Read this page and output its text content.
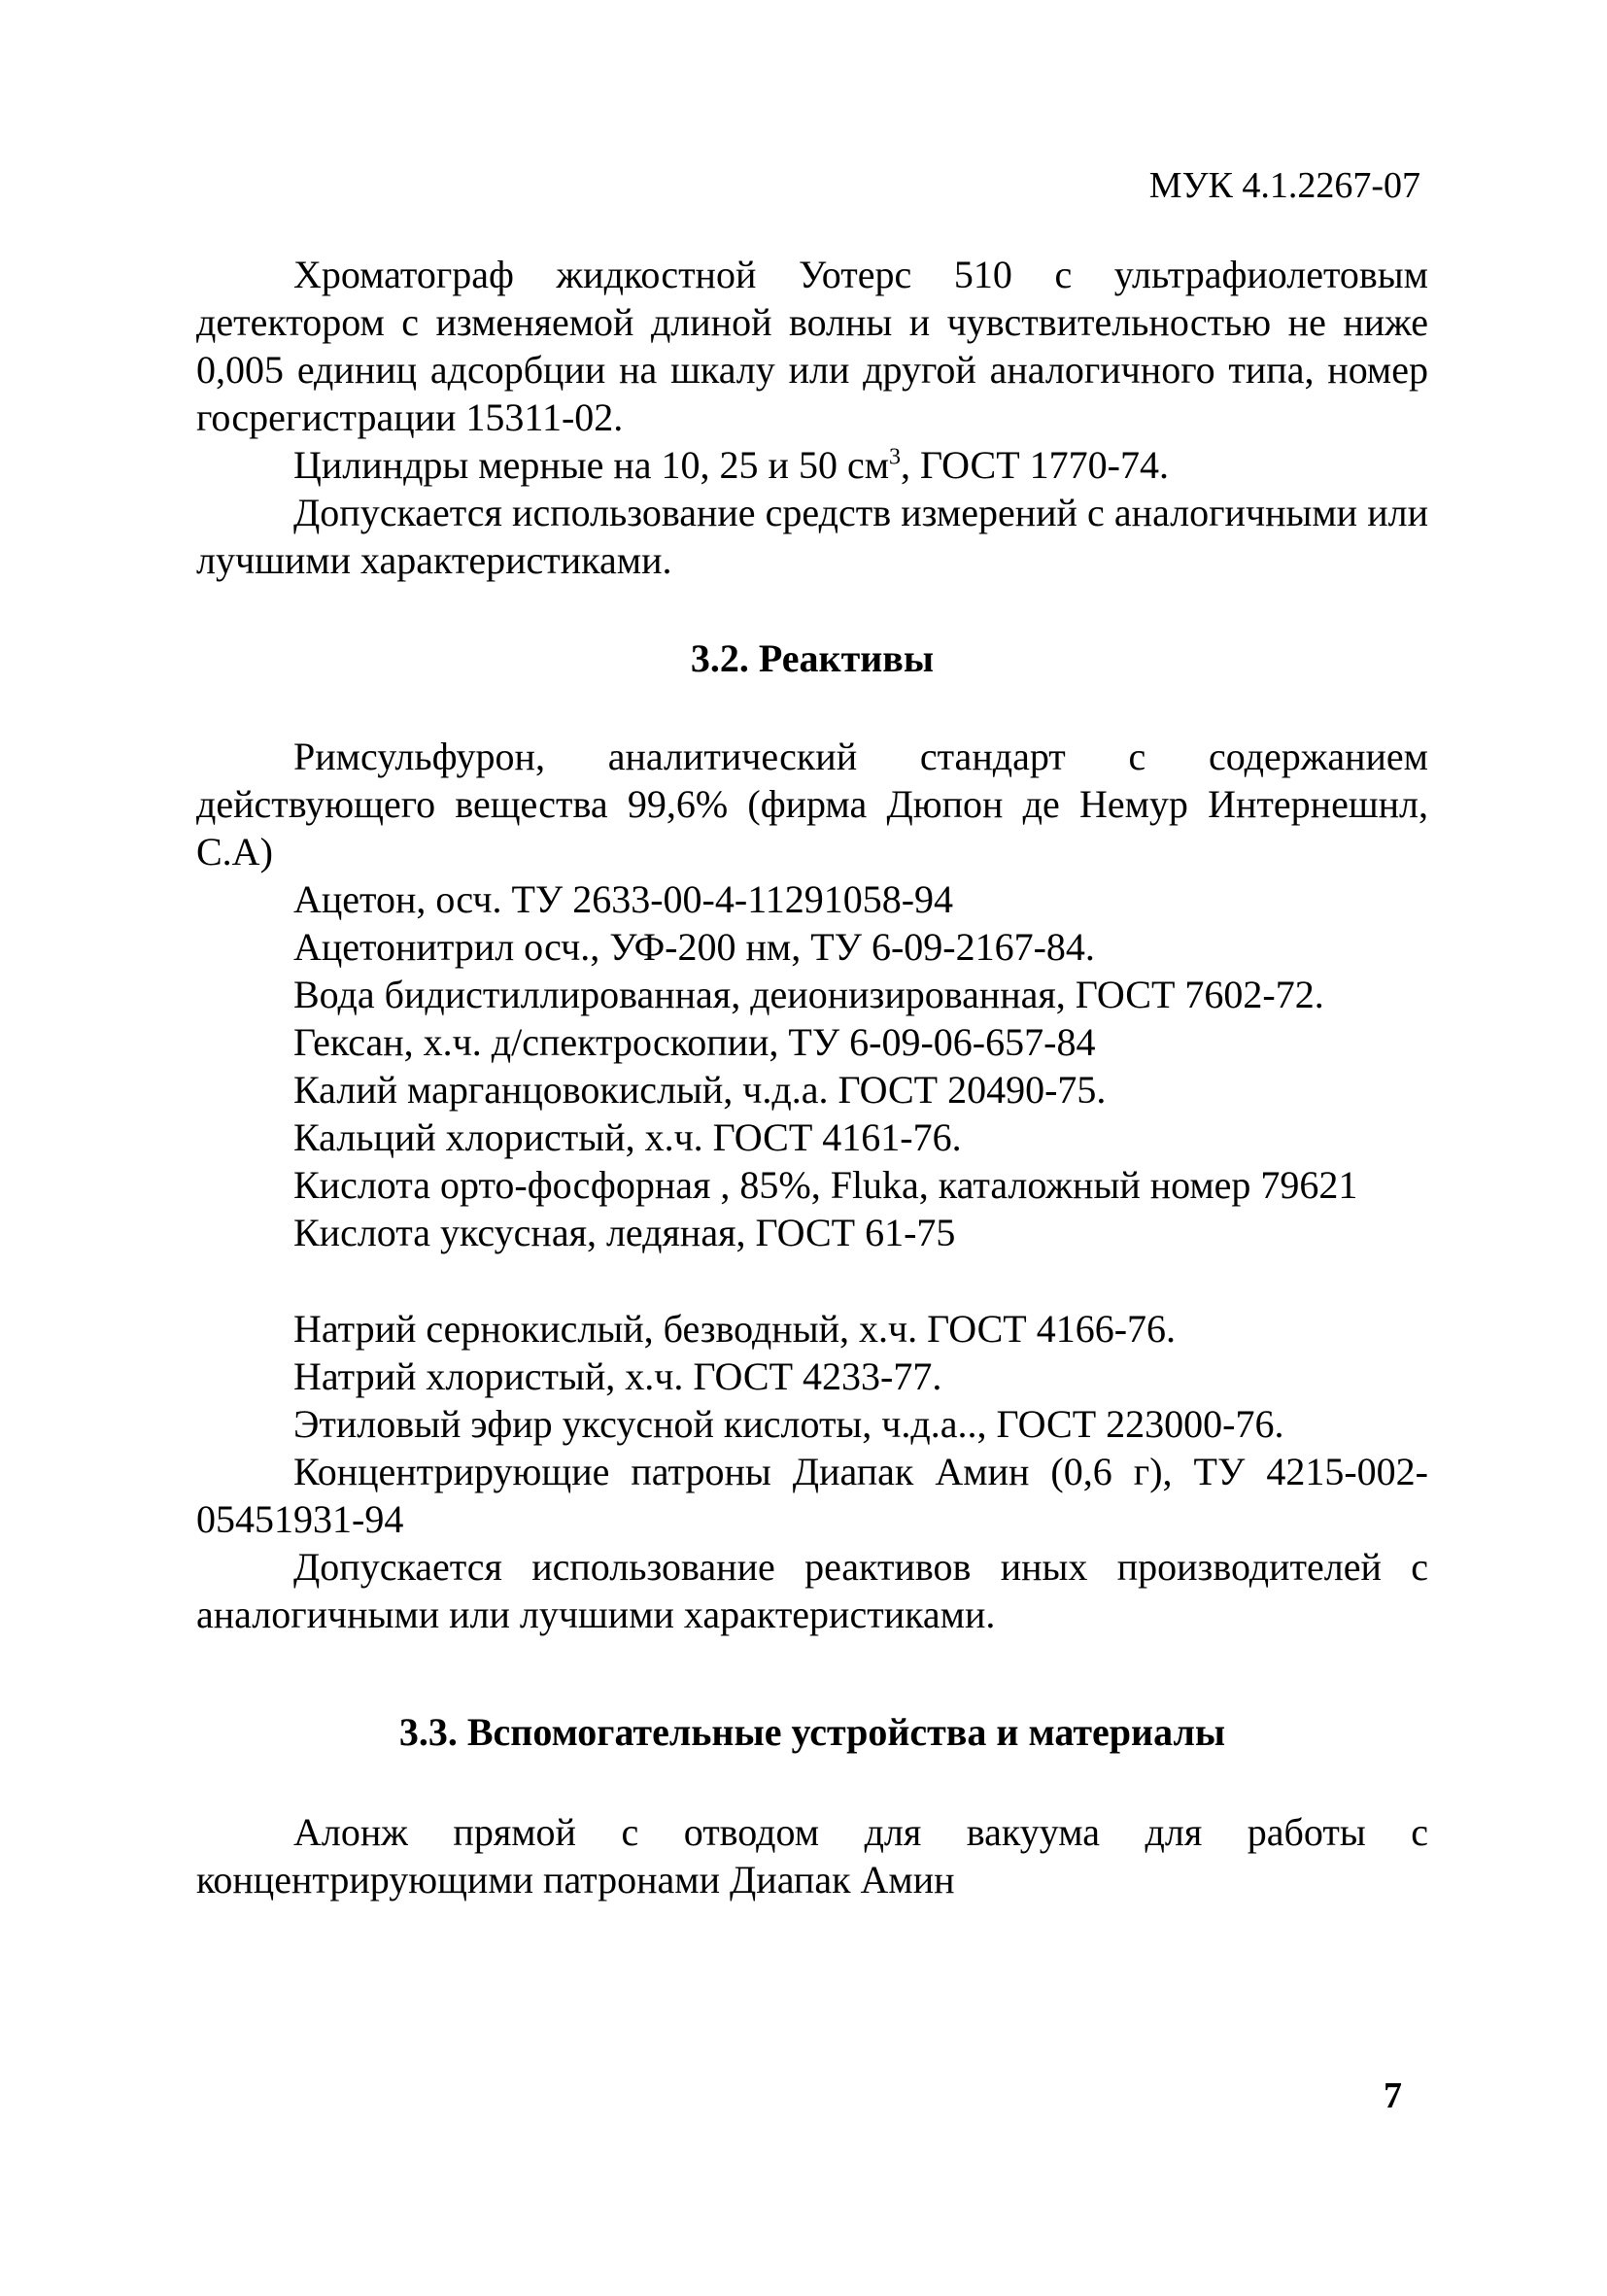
МУК 4.1.2267-07

Хроматограф жидкостной Уотерс 510 с ультрафиолетовым детектором с изменяемой длиной волны и чувствительностью не ниже 0,005 единиц адсорбции на шкалу или другой аналогичного типа, номер госрегистрации 15311-02.

Цилиндры мерные на 10, 25 и 50 $см^3$, ГОСТ 1770-74.

Допускается использование средств измерений с аналогичными или лучшими характеристиками.

3.2. Реактивы

Римсульфурон, аналитический стандарт с содержанием действующего вещества 99,6% (фирма Дюпон де Немур Интернешнл, С.А)

Ацетон, осч. ТУ 2633-00-4-11291058-94

Ацетонитрил осч., УФ-200 нм, ТУ 6-09-2167-84.

Вода бидистиллированная, деионизированная, ГОСТ 7602-72.

Гексан, х.ч. д/спектроскопии, ТУ 6-09-06-657-84

Калий марганцовокислый, ч.д.а. ГОСТ 20490-75.

Кальций хлористый, х.ч. ГОСТ 4161-76.

Кислота орто-фосфорная , 85%, Fluka, каталожный номер 79621

Кислота уксусная, ледяная, ГОСТ 61-75

Натрий сернокислый, безводный, х.ч. ГОСТ 4166-76.

Натрий хлористый, х.ч. ГОСТ 4233-77.

Этиловый эфир уксусной кислоты, ч.д.а.., ГОСТ 223000-76.

Концентрирующие патроны Диапак Амин (0,6 г), ТУ 4215-002-05451931-94

Допускается использование реактивов иных производителей с аналогичными или лучшими характеристиками.

3.3. Вспомогательные устройства и материалы

Алонж прямой с отводом для вакуума для работы с концентрирующими патронами Диапак Амин

7
